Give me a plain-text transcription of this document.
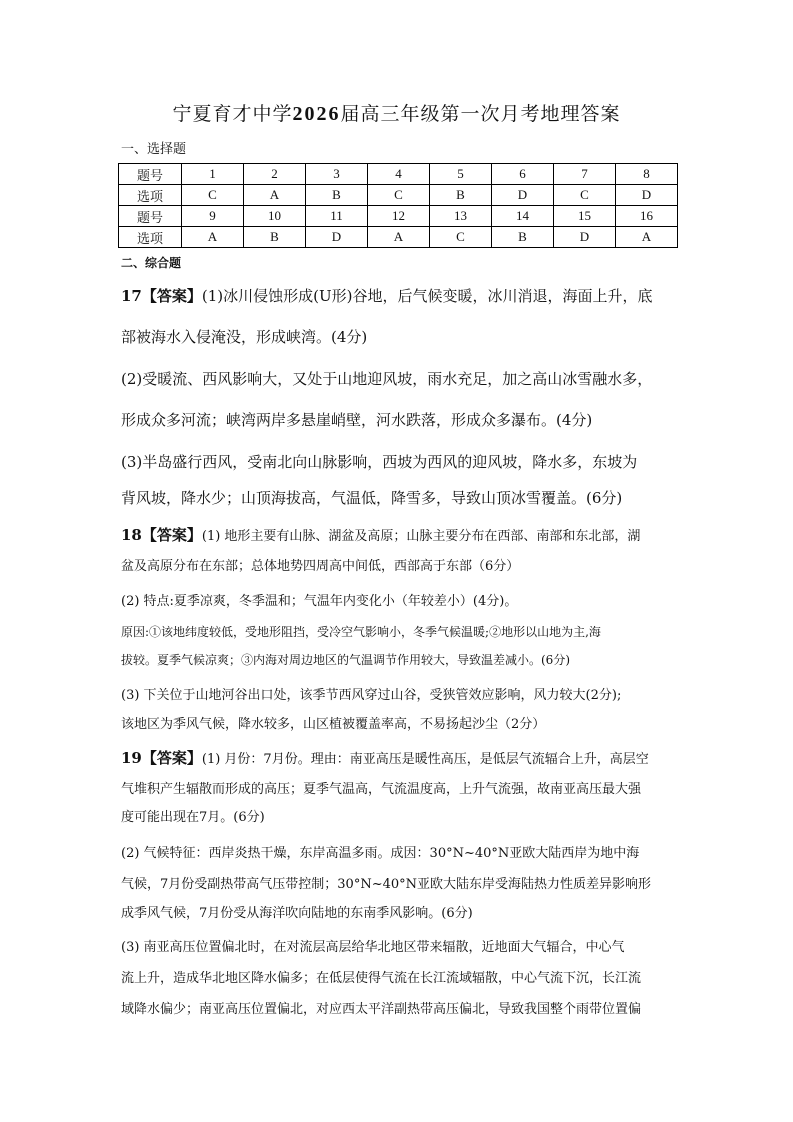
宁夏育才中学2026届高三年级第一次月考地理答案
一、选择题
题号	1	2	3	4	5	6	7	8
选项	C	A	B	C	B	D	C	D
题号	9	10	11	12	13	14	15	16
选项	A	B	D	A	C	B	D	A
二、综合题
17【答案】(1)冰川侵蚀形成(U形)谷地，后气候变暖，冰川消退，海面上升，底
部被海水入侵淹没，形成峡湾。(4分)
(2)受暖流、西风影响大，又处于山地迎风坡，雨水充足，加之高山冰雪融水多，
形成众多河流；峡湾两岸多悬崖峭壁，河水跌落，形成众多瀑布。(4分)
(3)半岛盛行西风，受南北向山脉影响，西坡为西风的迎风坡，降水多，东坡为
背风坡，降水少；山顶海拔高，气温低，降雪多，导致山顶冰雪覆盖。(6分)
18【答案】(1) 地形主要有山脉、湖盆及高原；山脉主要分布在西部、南部和东北部，湖
盆及高原分布在东部；总体地势四周高中间低，西部高于东部（6分）
(2) 特点:夏季凉爽，冬季温和；气温年内变化小（年较差小）(4分)。
原因:①该地纬度较低，受地形阻挡，受冷空气影响小，冬季气候温暖;②地形以山地为主,海
拔较。夏季气候凉爽；③内海对周边地区的气温调节作用较大，导致温差减小。(6分)
(3) 下关位于山地河谷出口处，该季节西风穿过山谷，受狭管效应影响，风力较大(2分);
该地区为季风气候，降水较多，山区植被覆盖率高，不易扬起沙尘（2分）
19【答案】(1) 月份：7月份。理由：南亚高压是暖性高压，是低层气流辐合上升，高层空
气堆积产生辐散而形成的高压；夏季气温高，气流温度高，上升气流强，故南亚高压最大强
度可能出现在7月。(6分)
(2) 气候特征：西岸炎热干燥，东岸高温多雨。成因：30°N~40°N亚欧大陆西岸为地中海
气候，7月份受副热带高气压带控制；30°N~40°N亚欧大陆东岸受海陆热力性质差异影响形
成季风气候，7月份受从海洋吹向陆地的东南季风影响。(6分)
(3) 南亚高压位置偏北时，在对流层高层给华北地区带来辐散，近地面大气辐合，中心气
流上升，造成华北地区降水偏多；在低层使得气流在长江流域辐散，中心气流下沉，长江流
域降水偏少；南亚高压位置偏北，对应西太平洋副热带高压偏北，导致我国整个雨带位置偏
